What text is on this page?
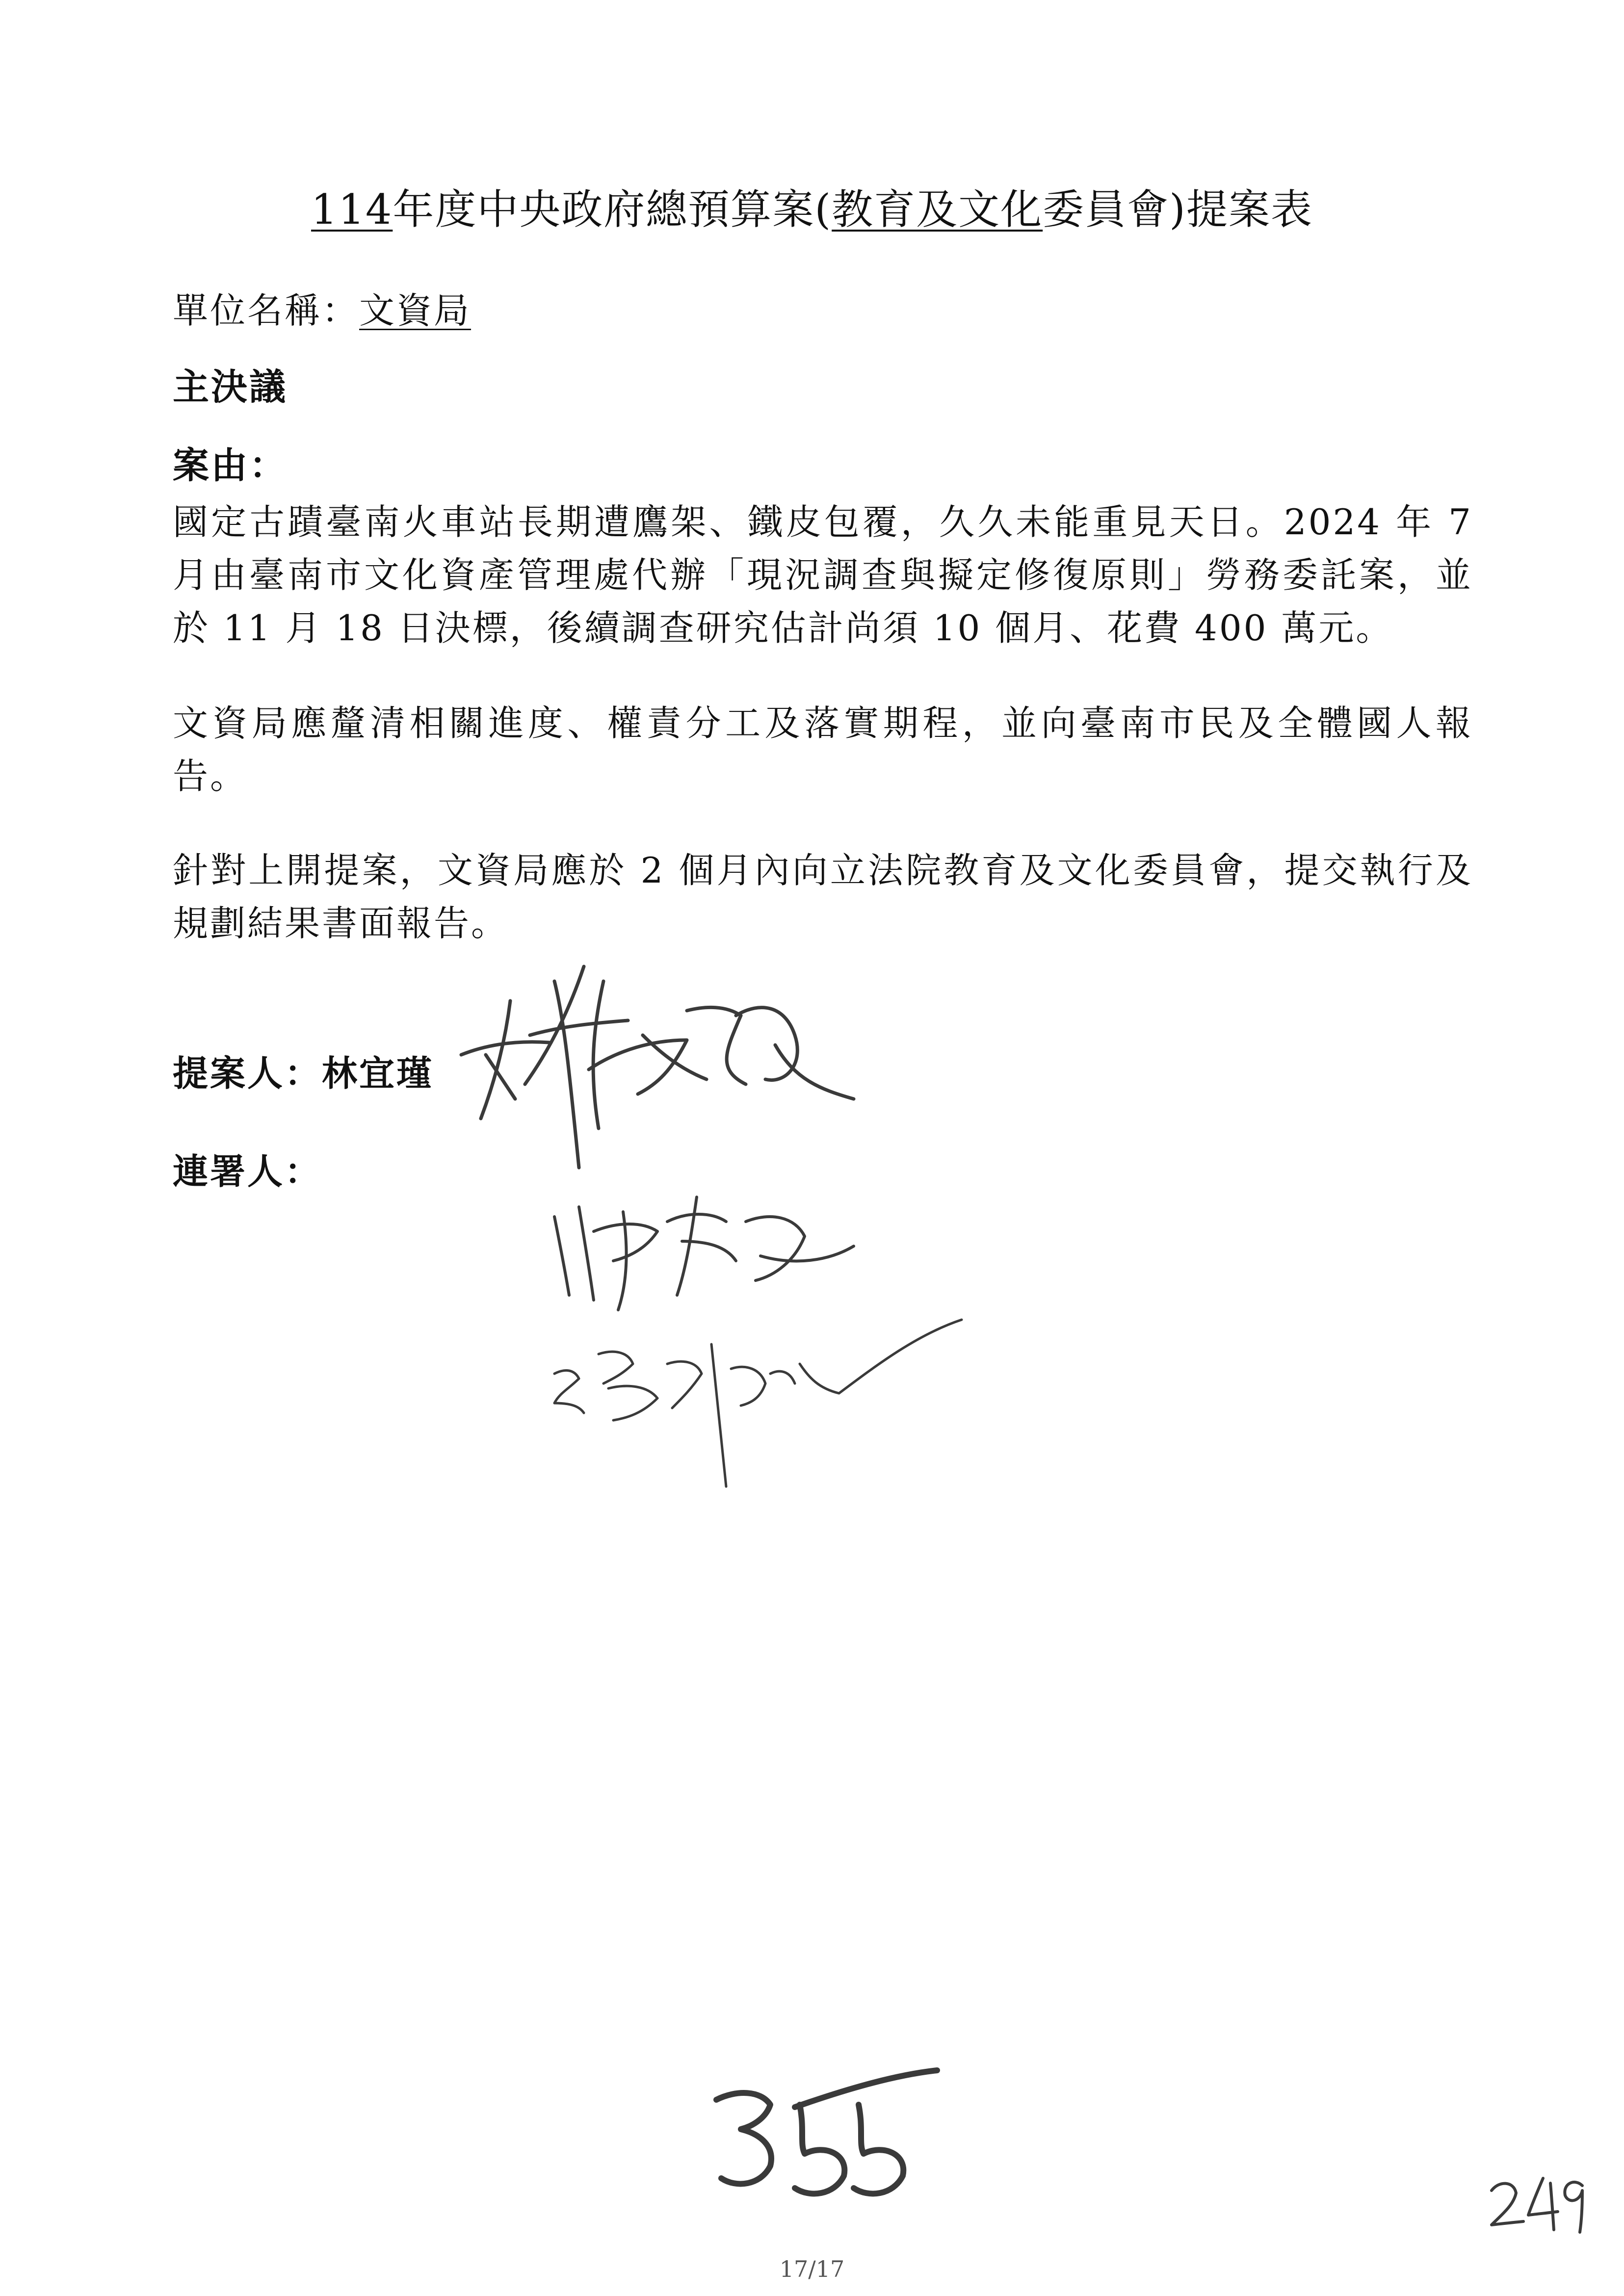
114年度中央政府總預算案(教育及文化委員會)提案表
單位名稱：文資局
主決議
案由：
國定古蹟臺南火車站長期遭鷹架、鐵皮包覆，久久未能重見天日。2024 年 7 月由臺南市文化資產管理處代辦「現況調查與擬定修復原則」勞務委託案，並於 11 月 18 日決標，後續調查研究估計尚須 10 個月、花費 400 萬元。
文資局應釐清相關進度、權責分工及落實期程，並向臺南市民及全體國人報告。
針對上開提案，文資局應於 2 個月內向立法院教育及文化委員會，提交執行及規劃結果書面報告。
提案人：林宜瑾
連署人：
17/17
